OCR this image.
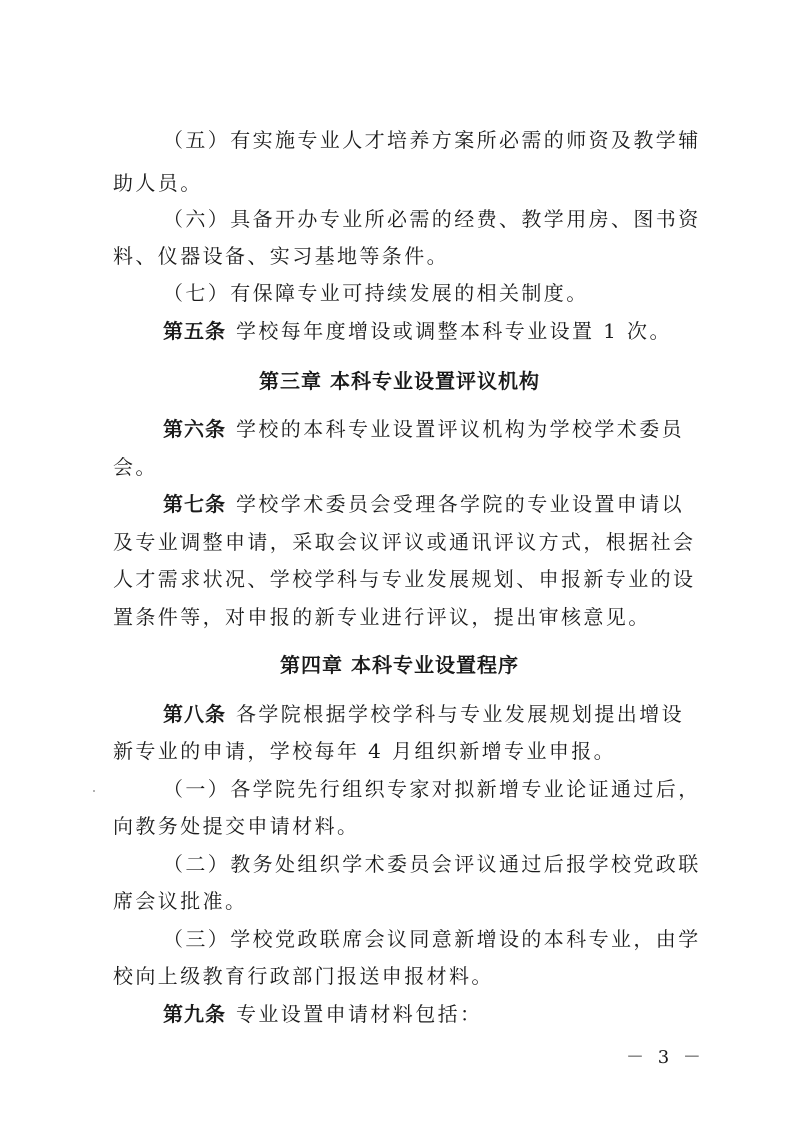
（五）有实施专业人才培养方案所必需的师资及教学辅
助人员。
（六）具备开办专业所必需的经费、教学用房、图书资
料、仪器设备、实习基地等条件。
（七）有保障专业可持续发展的相关制度。
第五条 学校每年度增设或调整本科专业设置 1 次。
第三章 本科专业设置评议机构
第六条 学校的本科专业设置评议机构为学校学术委员
会。
第七条 学校学术委员会受理各学院的专业设置申请以
及专业调整申请，采取会议评议或通讯评议方式，根据社会
人才需求状况、学校学科与专业发展规划、申报新专业的设
置条件等，对申报的新专业进行评议，提出审核意见。
第四章 本科专业设置程序
第八条 各学院根据学校学科与专业发展规划提出增设
新专业的申请，学校每年 4 月组织新增专业申报。
（一）各学院先行组织专家对拟新增专业论证通过后，
向教务处提交申请材料。
（二）教务处组织学术委员会评议通过后报学校党政联
席会议批准。
（三）学校党政联席会议同意新增设的本科专业，由学
校向上级教育行政部门报送申报材料。
第九条 专业设置申请材料包括：
－ 3 －
